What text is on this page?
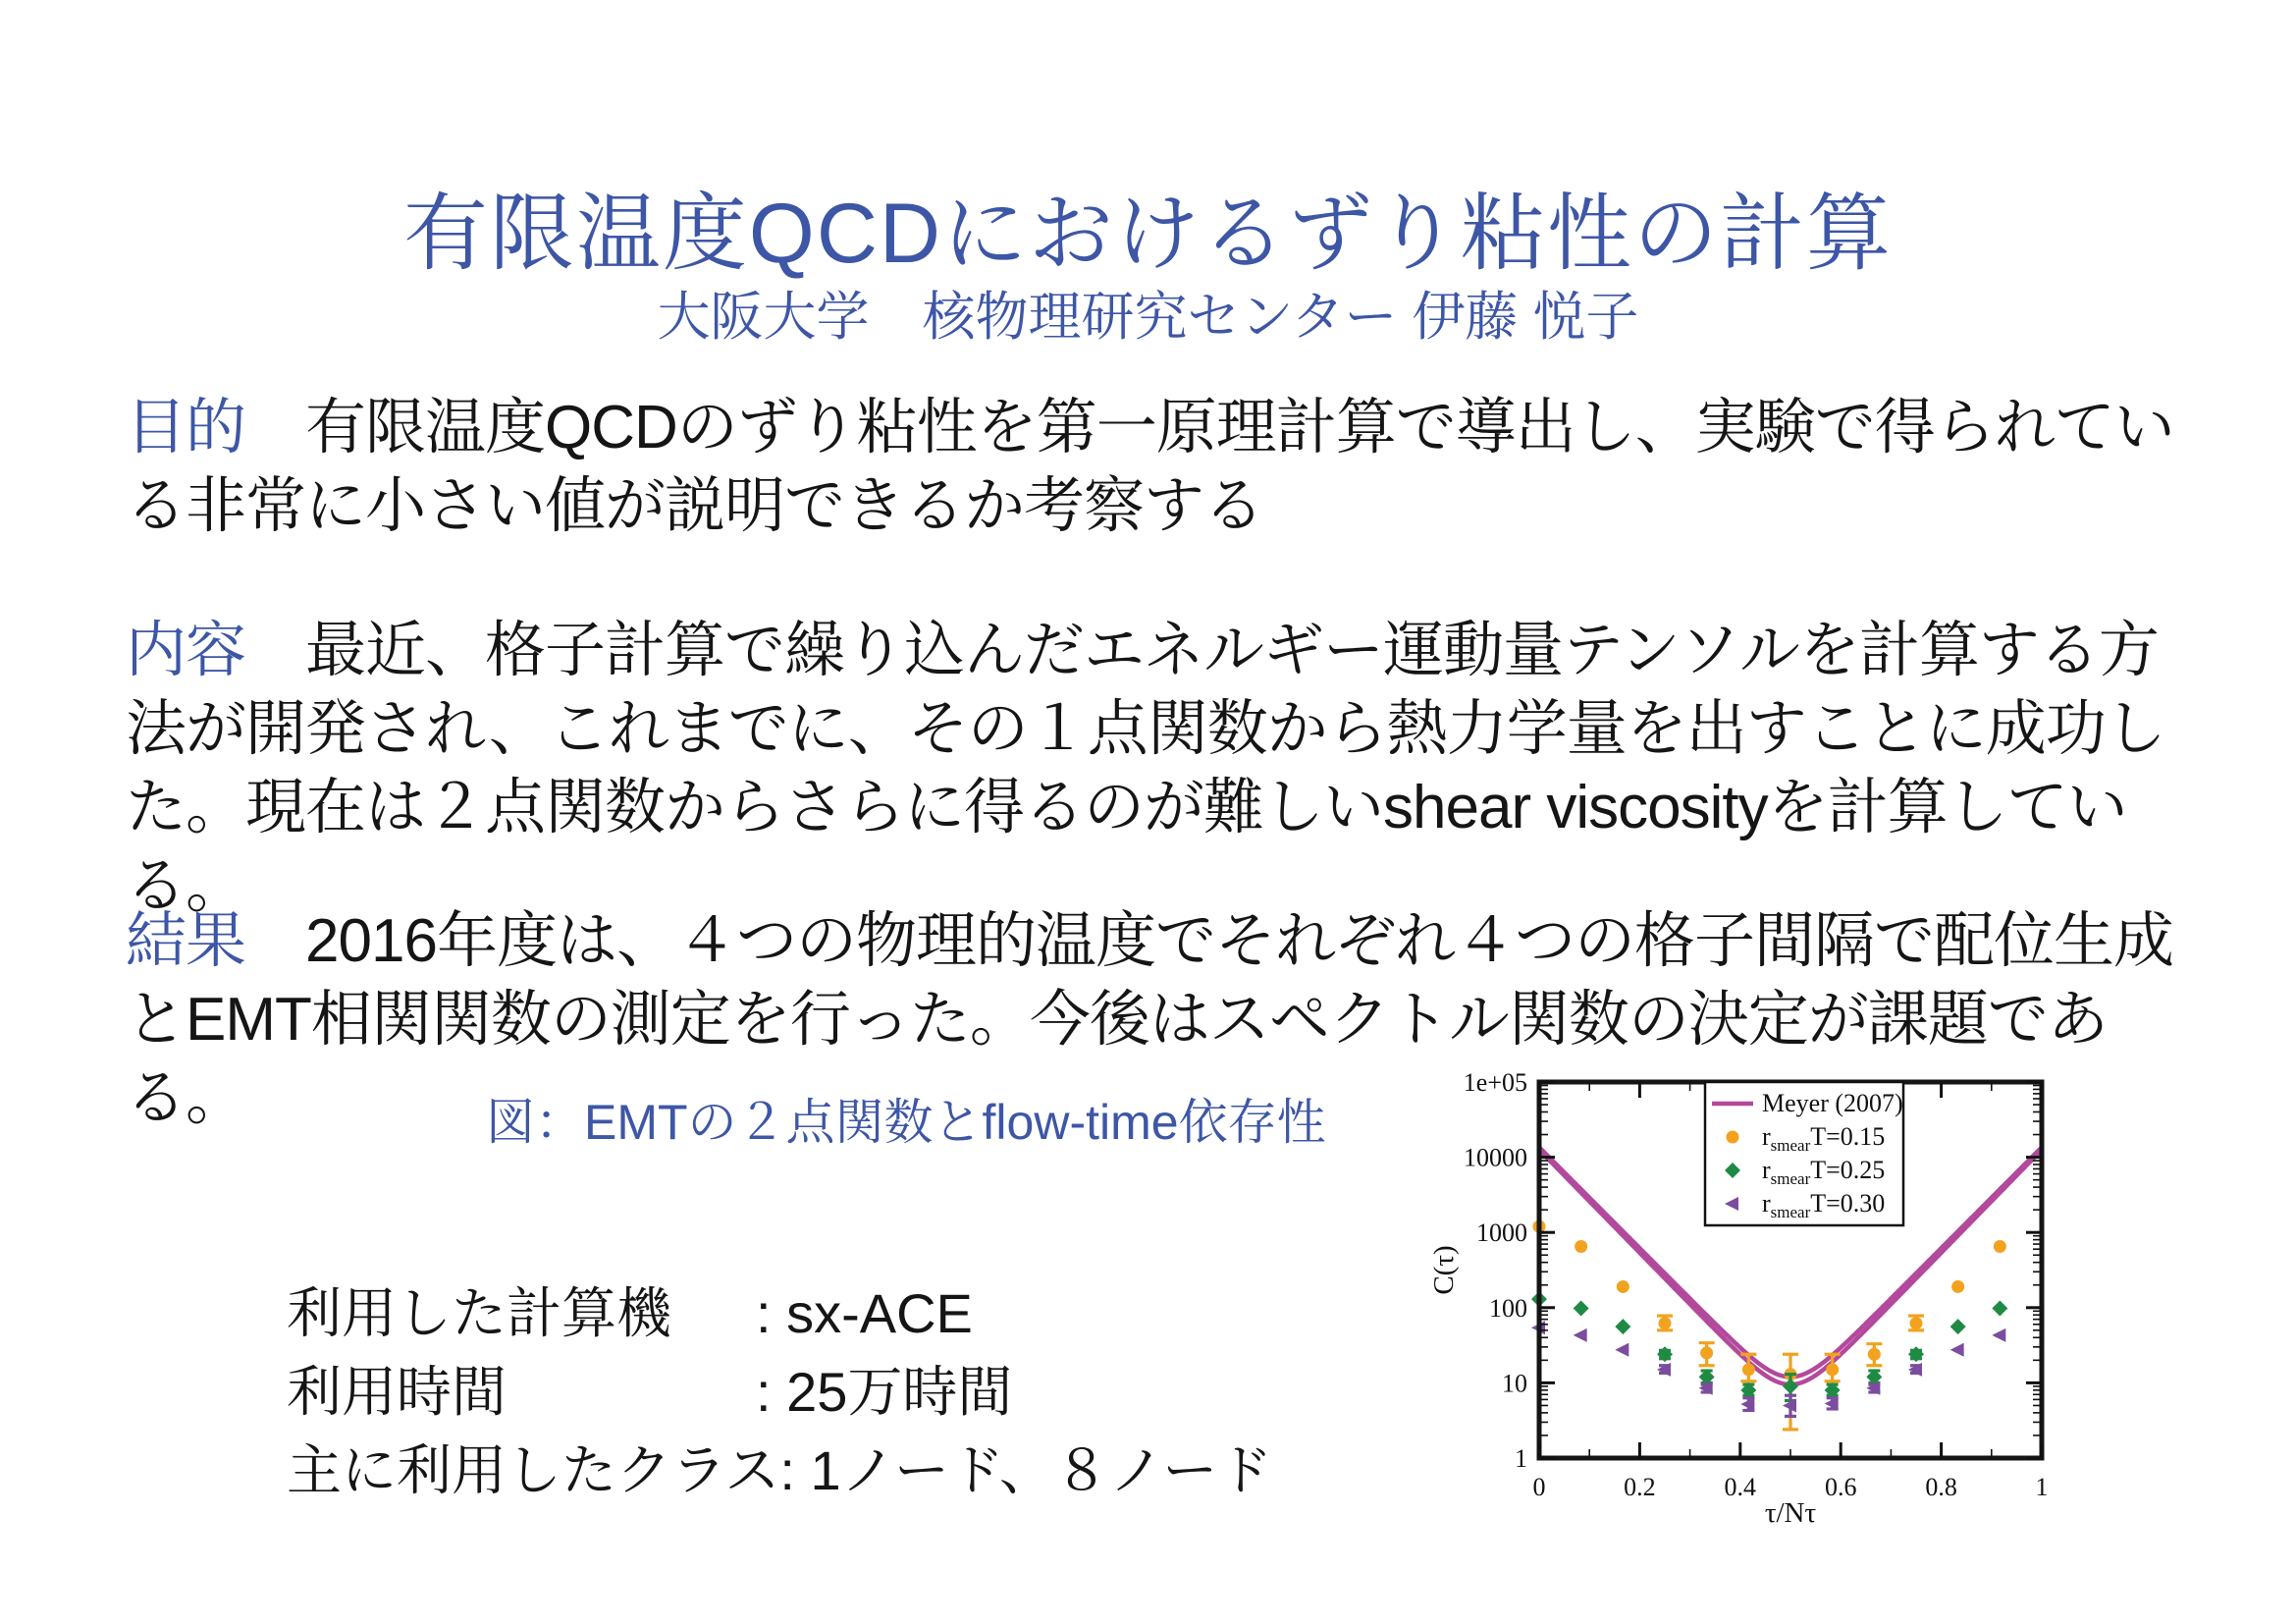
有限温度QCDにおけるずり粘性の計算
大阪大学　核物理研究センター 伊藤 悦子

目的　有限温度QCDのずり粘性を第一原理計算で導出し、実験で得られている非常に小さい値が説明できるか考察する

内容　最近、格子計算で繰り込んだエネルギー運動量テンソルを計算する方法が開発され、これまでに、その１点関数から熱力学量を出すことに成功した。現在は２点関数からさらに得るのが難しいshear viscosityを計算している。

結果　2016年度は、４つの物理的温度でそれぞれ４つの格子間隔で配位生成とEMT相関関数の測定を行った。今後はスペクトル関数の決定が課題である。	図：EMTの２点関数とflow-time依存性
利用した計算機 : sx-ACE
利用時間	: 25万時間
主に利用したクラス: 1ノード、８ノード	1
10
100
1000
10000
1e+05
0	0.2	0.4	0.6	0.8	1
τ/Nτ
C(τ)
Meyer (2007)
$r_{smear}T=0.15$
$r_{smear}T=0.25$
$r_{smear}T=0.30$
